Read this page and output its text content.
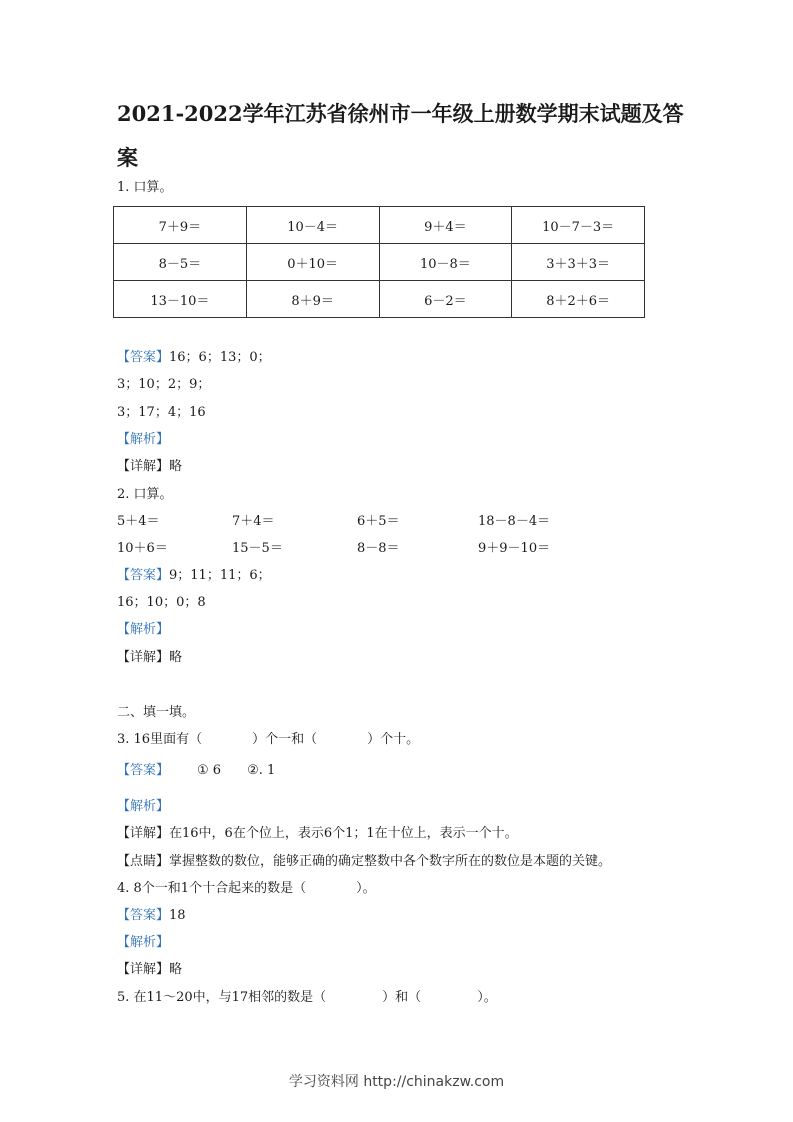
2021-2022学年江苏省徐州市一年级上册数学期末试题及答案
1. 口算。
7＋9＝	10－4＝	9＋4＝	10－7－3＝
8－5＝	0＋10＝	10－8＝	3＋3＋3＝
13－10＝	8＋9＝	6－2＝	8＋2＋6＝
【答案】16；6；13；0；
3；10；2；9；
3；17；4；16
【解析】
【详解】略
2. 口算。
5＋4＝	7＋4＝	6＋5＝	18－8－4＝
10＋6＝	15－5＝	8－8＝	9＋9－10＝
【答案】9；11；11；6；
16；10；0；8
【解析】
【详解】略
二、填一填。
3. 16里面有（	）个一和（	）个十。
【答案】 ① 6 ②. 1
【解析】
【详解】在16中，6在个位上，表示6个1；1在十位上，表示一个十。
【点睛】掌握整数的数位，能够正确的确定整数中各个数字所在的数位是本题的关键。
4. 8个一和1个十合起来的数是（	）。
【答案】18
【解析】
【详解】略
5. 在11～20中，与17相邻的数是（	）和（	）。
学习资料网 http://chinakzw.com
